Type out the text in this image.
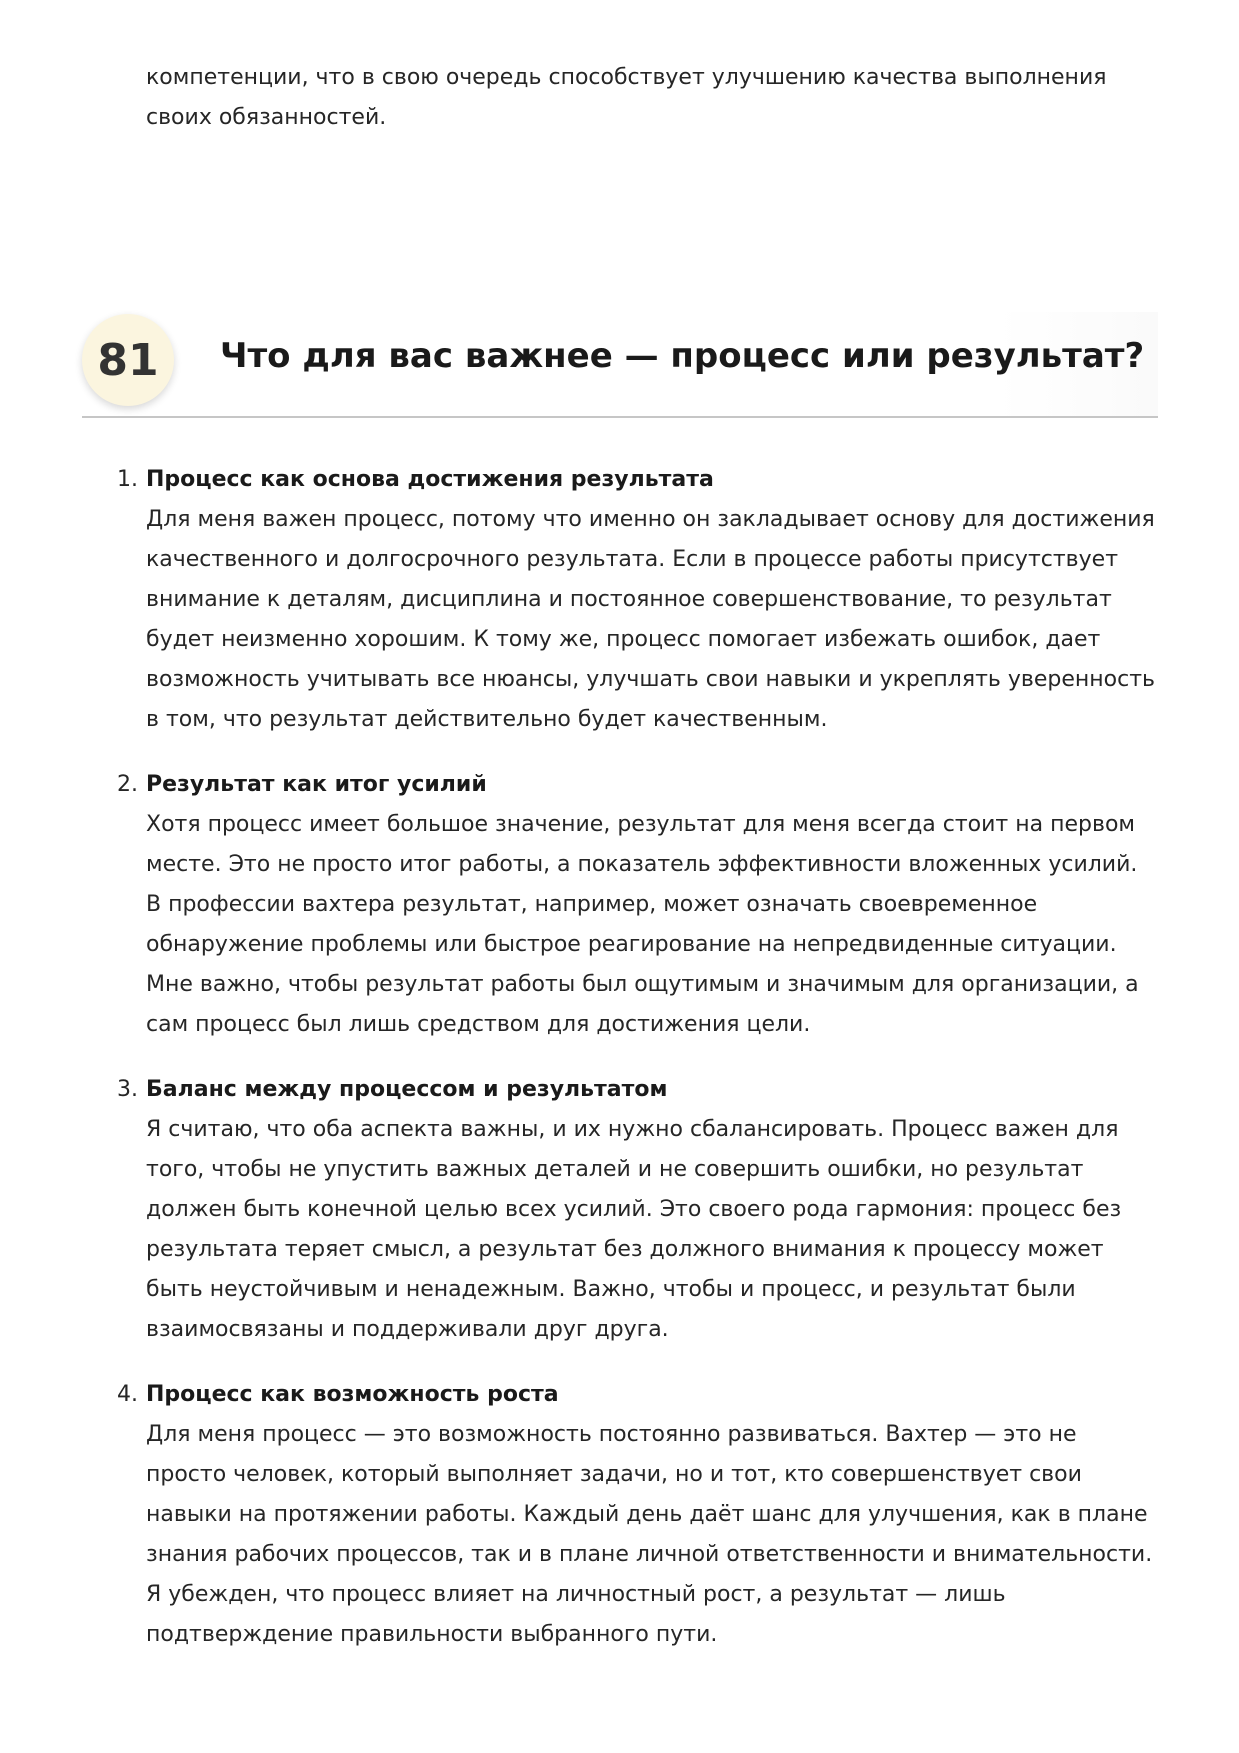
компетенции, что в свою очередь способствует улучшению качества выполнения своих обязанностей.

81	Что для вас важнее — процесс или результат?
1. Процесс как основа достижения результата
Для меня важен процесс, потому что именно он закладывает основу для достижения качественного и долгосрочного результата. Если в процессе работы присутствует внимание к деталям, дисциплина и постоянное совершенствование, то результат будет неизменно хорошим. К тому же, процесс помогает избежать ошибок, дает возможность учитывать все нюансы, улучшать свои навыки и укреплять уверенность в том, что результат действительно будет качественным.
2. Результат как итог усилий
Хотя процесс имеет большое значение, результат для меня всегда стоит на первом месте. Это не просто итог работы, а показатель эффективности вложенных усилий. В профессии вахтера результат, например, может означать своевременное обнаружение проблемы или быстрое реагирование на непредвиденные ситуации. Мне важно, чтобы результат работы был ощутимым и значимым для организации, а сам процесс был лишь средством для достижения цели.
3. Баланс между процессом и результатом
Я считаю, что оба аспекта важны, и их нужно сбалансировать. Процесс важен для того, чтобы не упустить важных деталей и не совершить ошибки, но результат должен быть конечной целью всех усилий. Это своего рода гармония: процесс без результата теряет смысл, а результат без должного внимания к процессу может быть неустойчивым и ненадежным. Важно, чтобы и процесс, и результат были взаимосвязаны и поддерживали друг друга.
4. Процесс как возможность роста
Для меня процесс — это возможность постоянно развиваться. Вахтер — это не просто человек, который выполняет задачи, но и тот, кто совершенствует свои навыки на протяжении работы. Каждый день даёт шанс для улучшения, как в плане знания рабочих процессов, так и в плане личной ответственности и внимательности. Я убежден, что процесс влияет на личностный рост, а результат — лишь подтверждение правильности выбранного пути.
